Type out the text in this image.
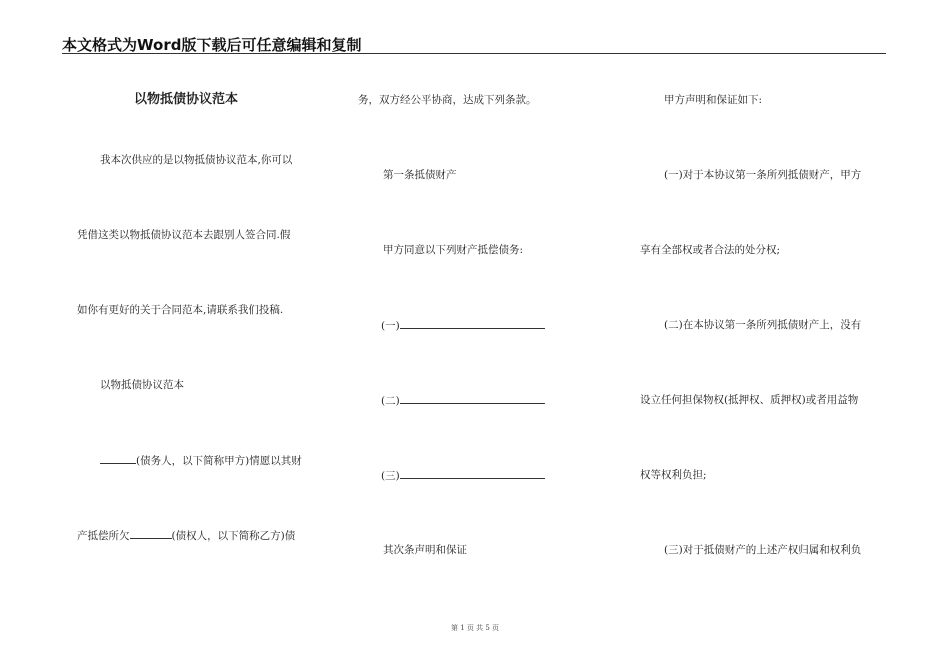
本文格式为Word版下载后可任意编辑和复制
以物抵债协议范本
我本次供应的是以物抵债协议范本,你可以
凭借这类以物抵债协议范本去跟别人签合同.假
如你有更好的关于合同范本,请联系我们投稿.
以物抵债协议范本
(债务人，以下简称甲方)情愿以其财
产抵偿所欠	(债权人，以下简称乙方)债
务，双方经公平协商，达成下列条款。
第一条抵债财产
甲方同意以下列财产抵偿债务:
(一)
(二)
(三)
其次条声明和保证
甲方声明和保证如下:
(一)对于本协议第一条所列抵债财产，甲方
享有全部权或者合法的处分权;
(二)在本协议第一条所列抵债财产上，没有
设立任何担保物权(抵押权、质押权)或者用益物
权等权利负担;
(三)对于抵债财产的上述产权归属和权利负
第 1 页 共 5 页
